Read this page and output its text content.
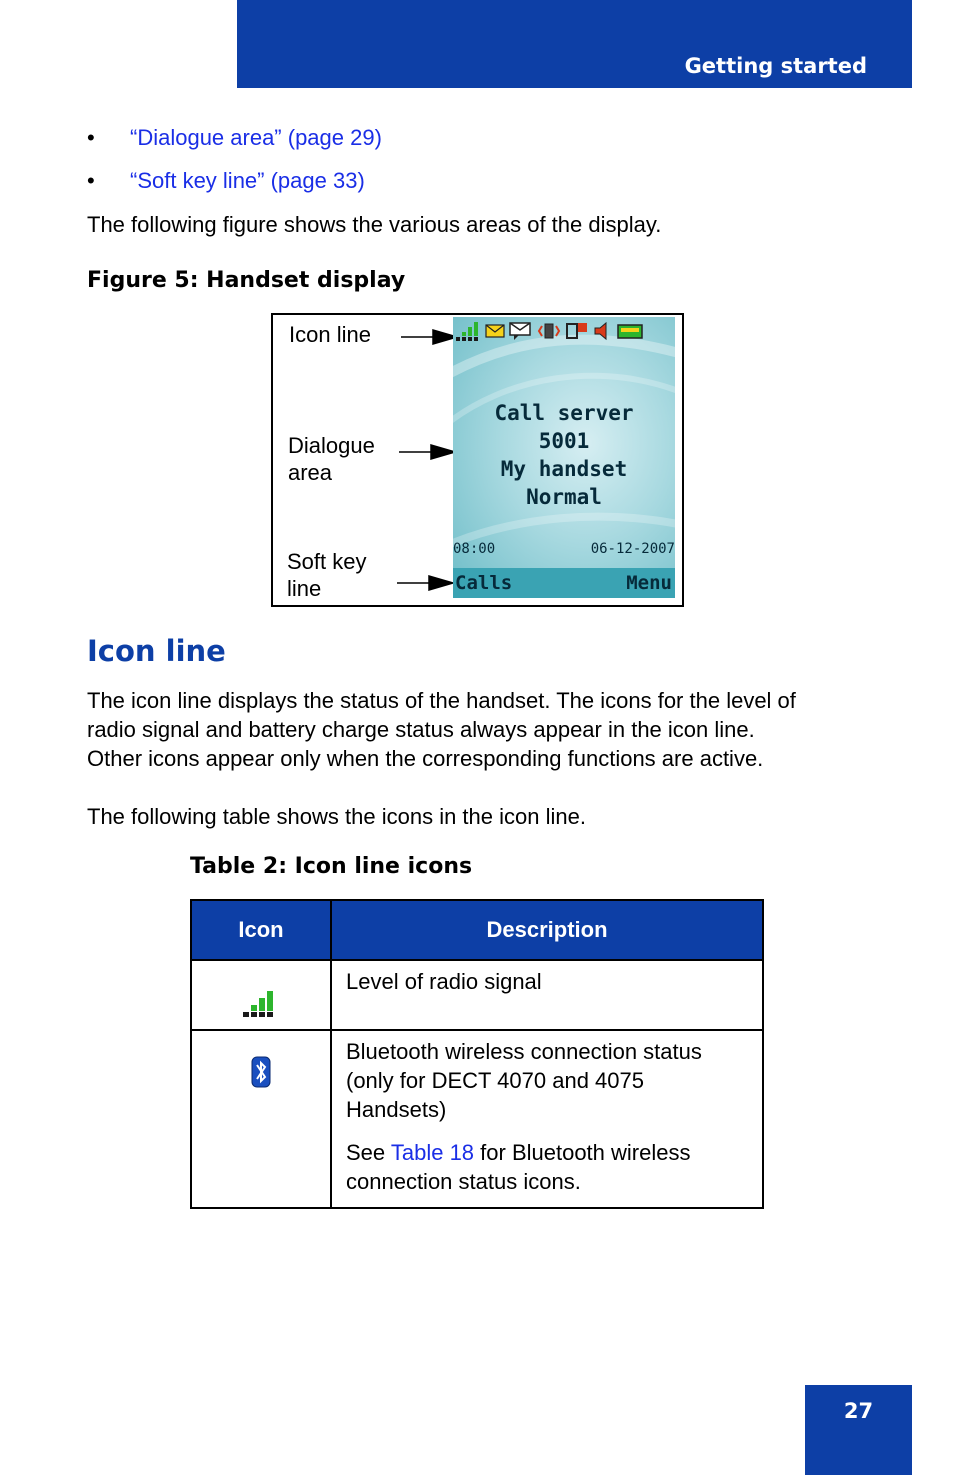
Getting started
• “Dialogue area” (page 29)
• “Soft key line” (page 33)

The following figure shows the various areas of the display.

Figure 5: Handset display
Icon line
Dialogue
area
Soft key
line
Call server
5001
My handset
Normal
08:00	06-12-2007
Calls	Menu
Icon line

The icon line displays the status of the handset. The icons for the level of

radio signal and battery charge status always appear in the icon line.

Other icons appear only when the corresponding functions are active.

The following table shows the icons in the icon line.

Table 2: Icon line icons
Icon	Description

Level of radio signal

Bluetooth wireless connection status (only for DECT 4070 and 4075 Handsets)

See Table 18 for Bluetooth wireless connection status icons.

27
